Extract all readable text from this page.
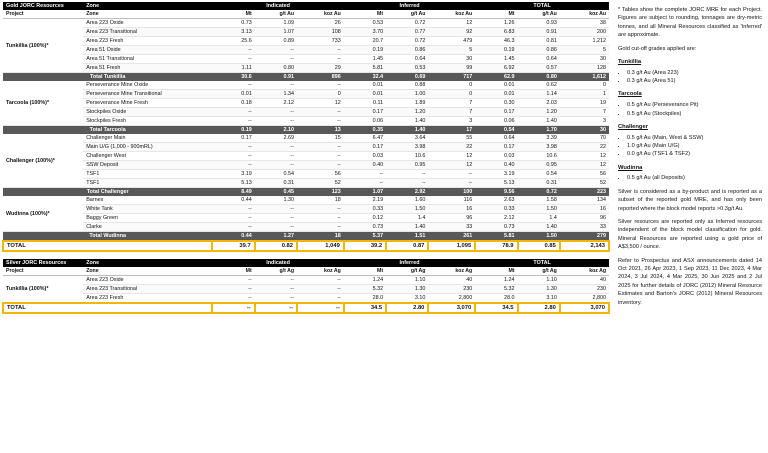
Gold JORC Resources	Zone	Indicated			Inferred			TOTAL		
Project	Zone	Mt	g/t Au	koz Au	Mt	g/t Au	koz Au	Mt	g/t Au	koz Au
Tunkillia (100%)*	Area 223 Oxide	0.73	1.09	26	0.53	0.72	12	1.26	0.93	38
	Area 223 Transitional	3.13	1.07	108	3.70	0.77	92	6.83	0.91	200
	Area 223 Fresh	25.6	0.89	733	20.7	0.72	479	46.3	0.81	1,212
	Area 51 Oxide	--	--	--	0.19	0.86	5	0.19	0.86	5
	Area 51 Transitional	--	--	--	1.45	0.64	30	1.45	0.64	30
	Area 51 Fresh	1.11	0.80	29	5.81	0.53	99	6.92	0.57	128
Total Tunkillia		30.6	0.91	896	32.4	0.69	717	62.9	0.80	1,612
Tarcoola (100%)*	Perseverance Mine Oxide	--	--	--	0.01	0.88	0	0.01	0.62	0
	Perseverance Mine Transitional	0.01	1.34	0	0.01	1.00	0	0.01	1.14	1
	Perseverance Mine Fresh	0.18	2.12	12	0.11	1.89	7	0.30	2.03	19
	Stockpiles Oxide	--	--	--	0.17	1.20	7	0.17	1.20	7
	Stockpiles Fresh	--	--	--	0.06	1.40	3	0.06	1.40	3
Total Tarcoola		0.19	2.10	13	0.35	1.40	17	0.54	1.70	30
Challenger (100%)*	Challenger Main	0.17	2.69	15	6.47	3.64	55	0.64	3.39	70
	Main U/G (1,000 - 900mRL)	--	--	--	0.17	3.98	22	0.17	3.98	22
	Challenger West	--	--	--	0.03	10.6	12	0.03	10.6	12
	SSW Deposit	--	--	--	0.40	0.95	12	0.40	0.95	12
	TSF1	3.19	0.54	56	--	--	--	3.19	0.54	56
	TSF1	5.13	0.31	52	--	--	--	5.13	0.31	52
Total Challenger		8.49	0.45	123	1.07	2.92	100	9.56	0.72	223
Wudinna (100%)*	Barnes	0.44	1.30	18	2.19	1.60	116	2.63	1.58	134
	White Tank	--	--	--	0.33	1.50	16	0.33	1.50	16
	Baggy Green	--	--	--	0.12	1.4	96	2.12	1.4	96
	Clarke	--	--	--	0.73	1.40	33	0.73	1.40	33
Total Wudinna		0.44	1.27	18	5.37	1.51	261	5.81	1.50	279
TOTAL		39.7	0.82	1,049	39.2	0.87	1,095	78.9	0.85	2,143
Silver JORC Resources	Zone	Indicated			Inferred			TOTAL		
Project	Zone	Mt	g/t Ag	koz Ag	Mt	g/t Ag	koz Ag	Mt	g/t Ag	koz Ag
Tunkillia (100%)*	Area 223 Oxide	--	--	--	1.24	1.10	40	1.24	1.10	40
	Area 223 Transitional	--	--	--	5.32	1.30	230	5.32	1.30	230
	Area 223 Fresh	--	--	--	28.0	3.10	2,800	28.0	3.10	2,800
TOTAL		--	--	--	34.5	2.80	3,070	34.5	2.80	3,070

* Tables show the complete JORC MRE for each Project. Figures are subject to rounding, tonnages are dry-metric tonnes, and all Mineral Resources classified as 'Inferred' are approximate.

Gold cut-off grades applied are:

Tunkillia
• 0.3 g/t Au (Area 223)
• 0.3 g/t Au (Area 51)
Tarcoola
• 0.5 g/t Au (Perseverance Pit)
• 0.5 g/t Au (Stockpiles)
Challenger
• 0.5 g/t Au (Main, West & SSW)
• 1.0 g/t Au (Main U/G)
• 0.0 g/t Au (TSF1 & TSF2)
Wudinna
• 0.5 g/t Au (all Deposits)

Silver is considered as a by-product and is reported as a subset of the reported gold MRE, and has only been reported where the block model reports >0.3g/t Au.

Silver resources are reported only as Inferred resources independent of the block model classification for gold. Mineral Resources are reported using a gold price of A$3,500 / ounce.

Refer to Prospectus and ASX announcements dated 14 Oct 2021, 26 Apr 2023, 1 Sep 2023, 11 Dec 2023, 4 Mar 2024, 3 Jul 2024, 4 Mar 2025, 30 Jun 2025 and 2 Jul 2025 for further details of JORC (2012) Mineral Resource Estimates and Barton's JORC (2012) Mineral Resources inventory.
